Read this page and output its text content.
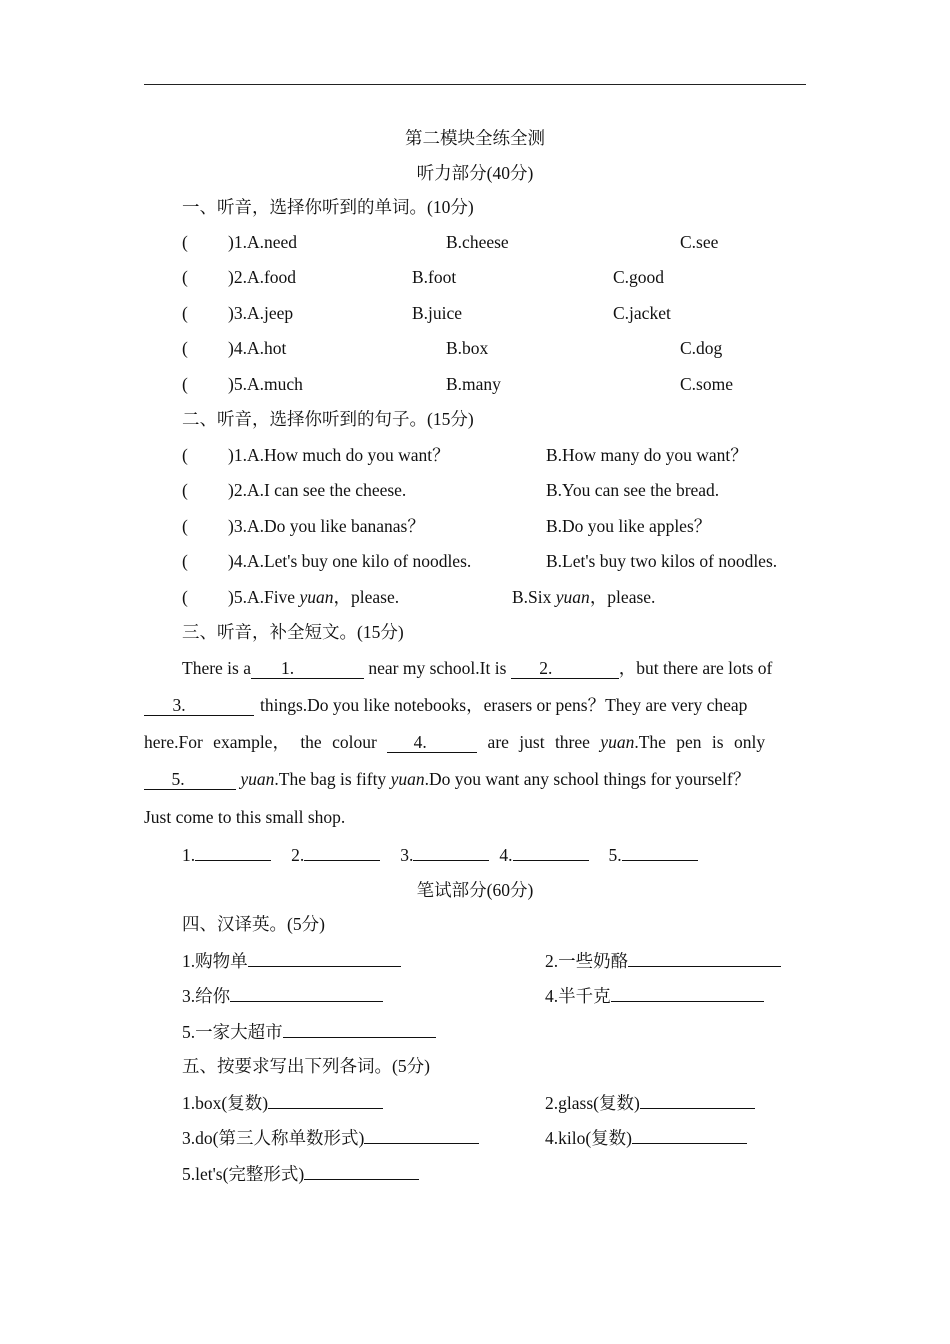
第二模块全练全测
听力部分(40分)
一、听音，选择你听到的单词。(10分)
( )1.A.need	B.cheese	C.see
( )2.A.food	B.foot	C.good
( )3.A.jeep	B.juice	C.jacket
( )4.A.hot	B.box	C.dog
( )5.A.much	B.many	C.some
二、听音，选择你听到的句子。(15分)
( )1.A.How much do you want？	B.How many do you want？
( )2.A.I can see the cheese.	B.You can see the bread.
( )3.A.Do you like bananas？	B.Do you like apples？
( )4.A.Let's buy one kilo of noodles.	B.Let's buy two kilos of noodles.
( )5.A.Five yuan，please.	B.Six yuan，please.
三、听音，补全短文。(15分)
There is a 1.	near my school.It is 2.	，but there are lots of
3.	things.Do you like notebooks，erasers or pens？They are very cheap
here.For example， the colour 4.	are just three yuan.The pen is only
5.	yuan.The bag is fifty yuan.Do you want any school things for yourself？
Just come to this small shop.
1.	2.	3.	4.	5.
笔试部分(60分)
四、汉译英。(5分)
1.购物单	2.一些奶酪
3.给你	4.半千克
5.一家大超市
五、按要求写出下列各词。(5分)
1.box(复数)	2.glass(复数)
3.do(第三人称单数形式)	4.kilo(复数)
5.let's(完整形式)
